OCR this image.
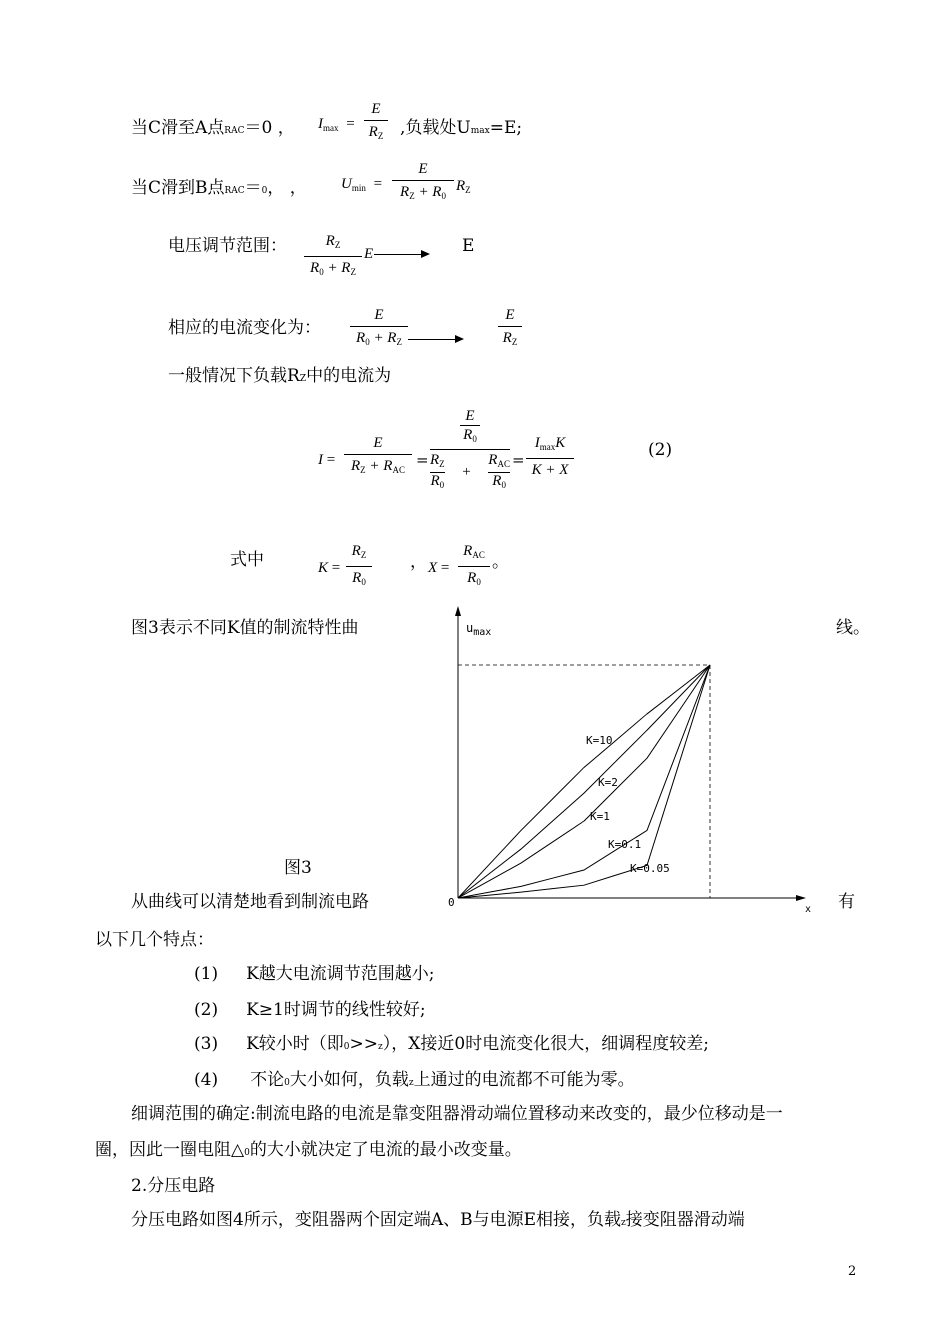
当C滑至A点RAC＝0 ， $I_{max}$ =
E
$R_Z$ ,负载处Umax=E;
当C滑到B点RAC＝0， ， $U_{min}$ =
E
$R_Z + R_0$
$R_Z$
电压调节范围：	$R_Z$
$R_0 + R_Z$
E	E
相应的电流变化为：
E
$R_0 + R_Z$
E
$R_Z$
一般情况下负载RZ中的电流为
I =
E
$R_Z + R_{AC}$
=
E
$R_0$
$R_Z$
$R_0$
+
$R_{AC}$
$R_0$
=
$I_{max}K$
K + X
(2)
式中	K =
$R_Z$
$R_0$
， X =
$R_{AC}$
$R_0$
。
图3表示不同K值的制流特性曲	线。
K=10
K=2
K=1
K=0.1
K=0.05
$u_{max}$
0
x
图3
从曲线可以清楚地看到制流电路	有
以下几个特点：
(1) K越大电流调节范围越小;
(2) K≥1时调节的线性较好;
(3) K较小时（即0>>z），X接近0时电流变化很大，细调程度较差;
(4) 不论0大小如何，负载z上通过的电流都不可能为零。
细调范围的确定:制流电路的电流是靠变阻器滑动端位置移动来改变的，最少位移动是一
圈，因此一圈电阻△0的大小就决定了电流的最小改变量。
2.分压电路
分压电路如图4所示，变阻器两个固定端A、B与电源E相接，负载z接变阻器滑动端
2
